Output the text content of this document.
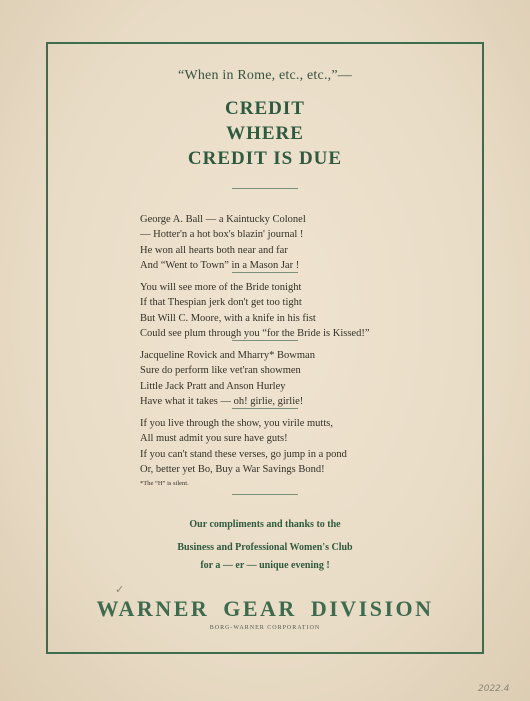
“When in Rome, etc., etc.,”—
CREDIT
WHERE
CREDIT IS DUE
George A. Ball — a Kaintucky Colonel
— Hotter'n a hot box's blazin' journal !
He won all hearts both near and far
And “Went to Town” in a Mason Jar !
You will see more of the Bride tonight
If that Thespian jerk don't get too tight
But Will C. Moore, with a knife in his fist
Could see plum through you “for the Bride is Kissed!”
Jacqueline Rovick and Mharry* Bowman
Sure do perform like vet'ran showmen
Little Jack Pratt and Anson Hurley
Have what it takes — oh! girlie, girlie!
If you live through the show, you virile mutts,
All must admit you sure have guts!
If you can't stand these verses, go jump in a pond
Or, better yet Bo, Buy a War Savings Bond!
*The “H” is silent.
Our compliments and thanks to the
Business and Professional Women's Club
for a — er — unique evening !
WARNER GEAR DIVISION
BORG-WARNER CORPORATION
✓
2022.4
